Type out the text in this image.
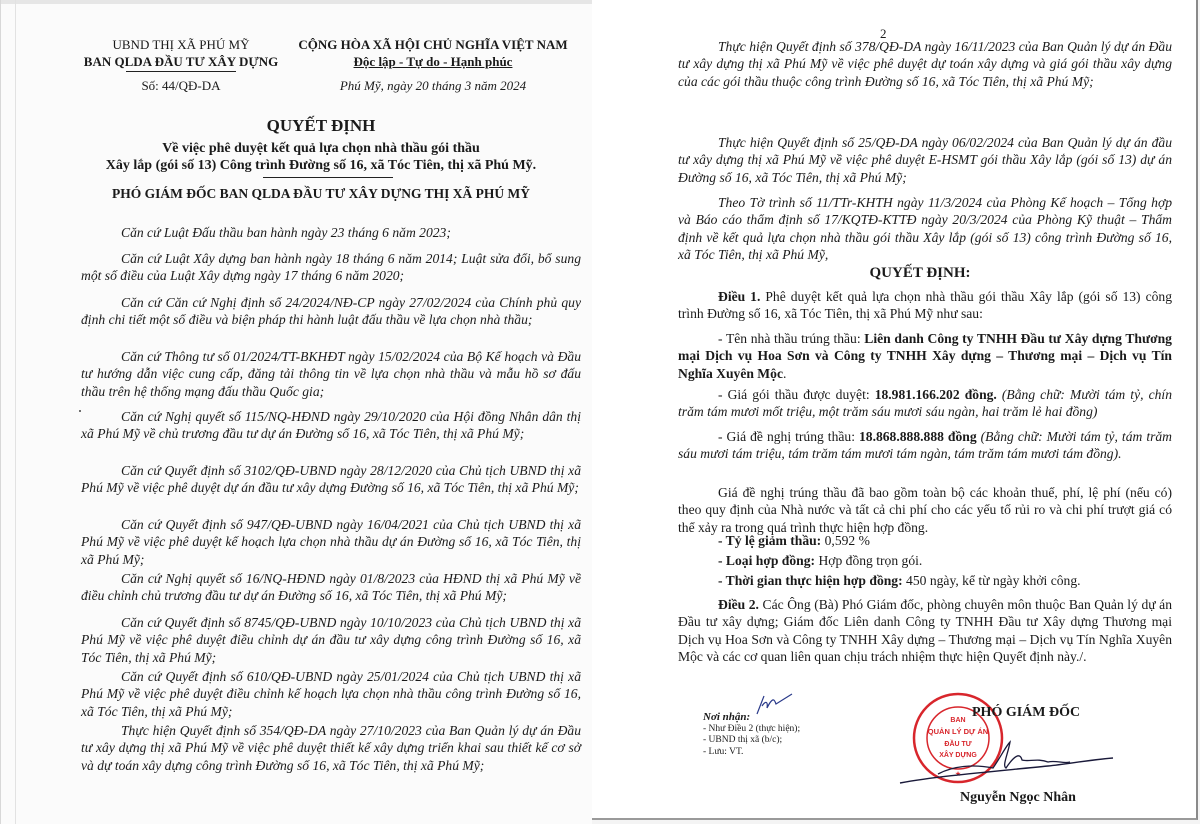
UBND THỊ XÃ PHÚ MỸ
BAN QLDA ĐẦU TƯ XÂY DỰNG
CỘNG HÒA XÃ HỘI CHỦ NGHĨA VIỆT NAM
Độc lập - Tự do - Hạnh phúc
Số: 44/QĐ-DA	Phú Mỹ, ngày 20 tháng 3 năm 2024
QUYẾT ĐỊNH
Về việc phê duyệt kết quả lựa chọn nhà thầu gói thầu
Xây lắp (gói số 13) Công trình Đường số 16, xã Tóc Tiên, thị xã Phú Mỹ.
PHÓ GIÁM ĐỐC BAN QLDA ĐẦU TƯ XÂY DỰNG THỊ XÃ PHÚ MỸ
Căn cứ Luật Đấu thầu ban hành ngày 23 tháng 6 năm 2023;
Căn cứ Luật Xây dựng ban hành ngày 18 tháng 6 năm 2014; Luật sửa đổi, bổ sung một số điều của Luật Xây dựng ngày 17 tháng 6 năm 2020;
Căn cứ Căn cứ Nghị định số 24/2024/NĐ-CP ngày 27/02/2024 của Chính phủ quy định chi tiết một số điều và biện pháp thi hành luật đấu thầu về lựa chọn nhà thầu;
Căn cứ Thông tư số 01/2024/TT-BKHĐT ngày 15/02/2024 của Bộ Kế hoạch và Đầu tư hướng dẫn việc cung cấp, đăng tải thông tin về lựa chọn nhà thầu và mẫu hồ sơ đấu thầu trên hệ thống mạng đấu thầu Quốc gia;
Căn cứ Nghị quyết số 115/NQ-HĐND ngày 29/10/2020 của Hội đồng Nhân dân thị xã Phú Mỹ về chủ trương đầu tư dự án Đường số 16, xã Tóc Tiên, thị xã Phú Mỹ;
Căn cứ Quyết định số 3102/QĐ-UBND ngày 28/12/2020 của Chủ tịch UBND thị xã Phú Mỹ về việc phê duyệt dự án đầu tư xây dựng Đường số 16, xã Tóc Tiên, thị xã Phú Mỹ;
Căn cứ Quyết định số 947/QĐ-UBND ngày 16/04/2021 của Chủ tịch UBND thị xã Phú Mỹ về việc phê duyệt kế hoạch lựa chọn nhà thầu dự án Đường số 16, xã Tóc Tiên, thị xã Phú Mỹ;
Căn cứ Nghị quyết số 16/NQ-HĐND ngày 01/8/2023 của HĐND thị xã Phú Mỹ về điều chỉnh chủ trương đầu tư dự án Đường số 16, xã Tóc Tiên, thị xã Phú Mỹ;
Căn cứ Quyết định số 8745/QĐ-UBND ngày 10/10/2023 của Chủ tịch UBND thị xã Phú Mỹ về việc phê duyệt điều chỉnh dự án đầu tư xây dựng công trình Đường số 16, xã Tóc Tiên, thị xã Phú Mỹ;
Căn cứ Quyết định số 610/QĐ-UBND ngày 25/01/2024 của Chủ tịch UBND thị xã Phú Mỹ về việc phê duyệt điều chỉnh kế hoạch lựa chọn nhà thầu công trình Đường số 16, xã Tóc Tiên, thị xã Phú Mỹ;
Thực hiện Quyết định số 354/QĐ-DA ngày 27/10/2023 của Ban Quản lý dự án Đầu tư xây dựng thị xã Phú Mỹ về việc phê duyệt thiết kế xây dựng triển khai sau thiết kế cơ sở và dự toán xây dựng công trình Đường số 16, xã Tóc Tiên, thị xã Phú Mỹ;
2
Thực hiện Quyết định số 378/QĐ-DA ngày 16/11/2023 của Ban Quản lý dự án Đầu tư xây dựng thị xã Phú Mỹ về việc phê duyệt dự toán xây dựng và giá gói thầu xây dựng của các gói thầu thuộc công trình Đường số 16, xã Tóc Tiên, thị xã Phú Mỹ;
Thực hiện Quyết định số 25/QĐ-DA ngày 06/02/2024 của Ban Quản lý dự án đầu tư xây dựng thị xã Phú Mỹ về việc phê duyệt E-HSMT gói thầu Xây lắp (gói số 13) dự án Đường số 16, xã Tóc Tiên, thị xã Phú Mỹ;
Theo Tờ trình số 11/TTr-KHTH ngày 11/3/2024 của Phòng Kế hoạch – Tổng hợp và Báo cáo thẩm định số 17/KQTĐ-KTTĐ ngày 20/3/2024 của Phòng Kỹ thuật – Thẩm định về kết quả lựa chọn nhà thầu gói thầu Xây lắp (gói số 13) công trình Đường số 16, xã Tóc Tiên, thị xã Phú Mỹ,
QUYẾT ĐỊNH:
Điều 1. Phê duyệt kết quả lựa chọn nhà thầu gói thầu Xây lắp (gói số 13) công trình Đường số 16, xã Tóc Tiên, thị xã Phú Mỹ như sau:
- Tên nhà thầu trúng thầu: Liên danh Công ty TNHH Đầu tư Xây dựng Thương mại Dịch vụ Hoa Sơn và Công ty TNHH Xây dựng – Thương mại – Dịch vụ Tín Nghĩa Xuyên Mộc.
- Giá gói thầu được duyệt: 18.981.166.202 đồng. (Bằng chữ: Mười tám tỷ, chín trăm tám mươi mốt triệu, một trăm sáu mươi sáu ngàn, hai trăm lẻ hai đồng)
- Giá đề nghị trúng thầu: 18.868.888.888 đồng (Bằng chữ: Mười tám tỷ, tám trăm sáu mươi tám triệu, tám trăm tám mươi tám ngàn, tám trăm tám mươi tám đồng).
Giá đề nghị trúng thầu đã bao gồm toàn bộ các khoản thuế, phí, lệ phí (nếu có) theo quy định của Nhà nước và tất cả chi phí cho các yếu tố rủi ro và chi phí trượt giá có thể xảy ra trong quá trình thực hiện hợp đồng.
- Tỷ lệ giảm thầu: 0,592 %
- Loại hợp đồng: Hợp đồng trọn gói.
- Thời gian thực hiện hợp đồng: 450 ngày, kể từ ngày khởi công.
Điều 2. Các Ông (Bà) Phó Giám đốc, phòng chuyên môn thuộc Ban Quản lý dự án Đầu tư xây dựng; Giám đốc Liên danh Công ty TNHH Đầu tư Xây dựng Thương mại Dịch vụ Hoa Sơn và Công ty TNHH Xây dựng – Thương mại – Dịch vụ Tín Nghĩa Xuyên Mộc và các cơ quan liên quan chịu trách nhiệm thực hiện Quyết định này./.
Nơi nhận:
- Như Điều 2 (thực hiện);
- UBND thị xã (b/c);
- Lưu: VT.
BAN
QUẢN LÝ DỰ ÁN
ĐẦU TƯ
XÂY DỰNG
★
PHÓ GIÁM ĐỐC
Nguyễn Ngọc Nhân
